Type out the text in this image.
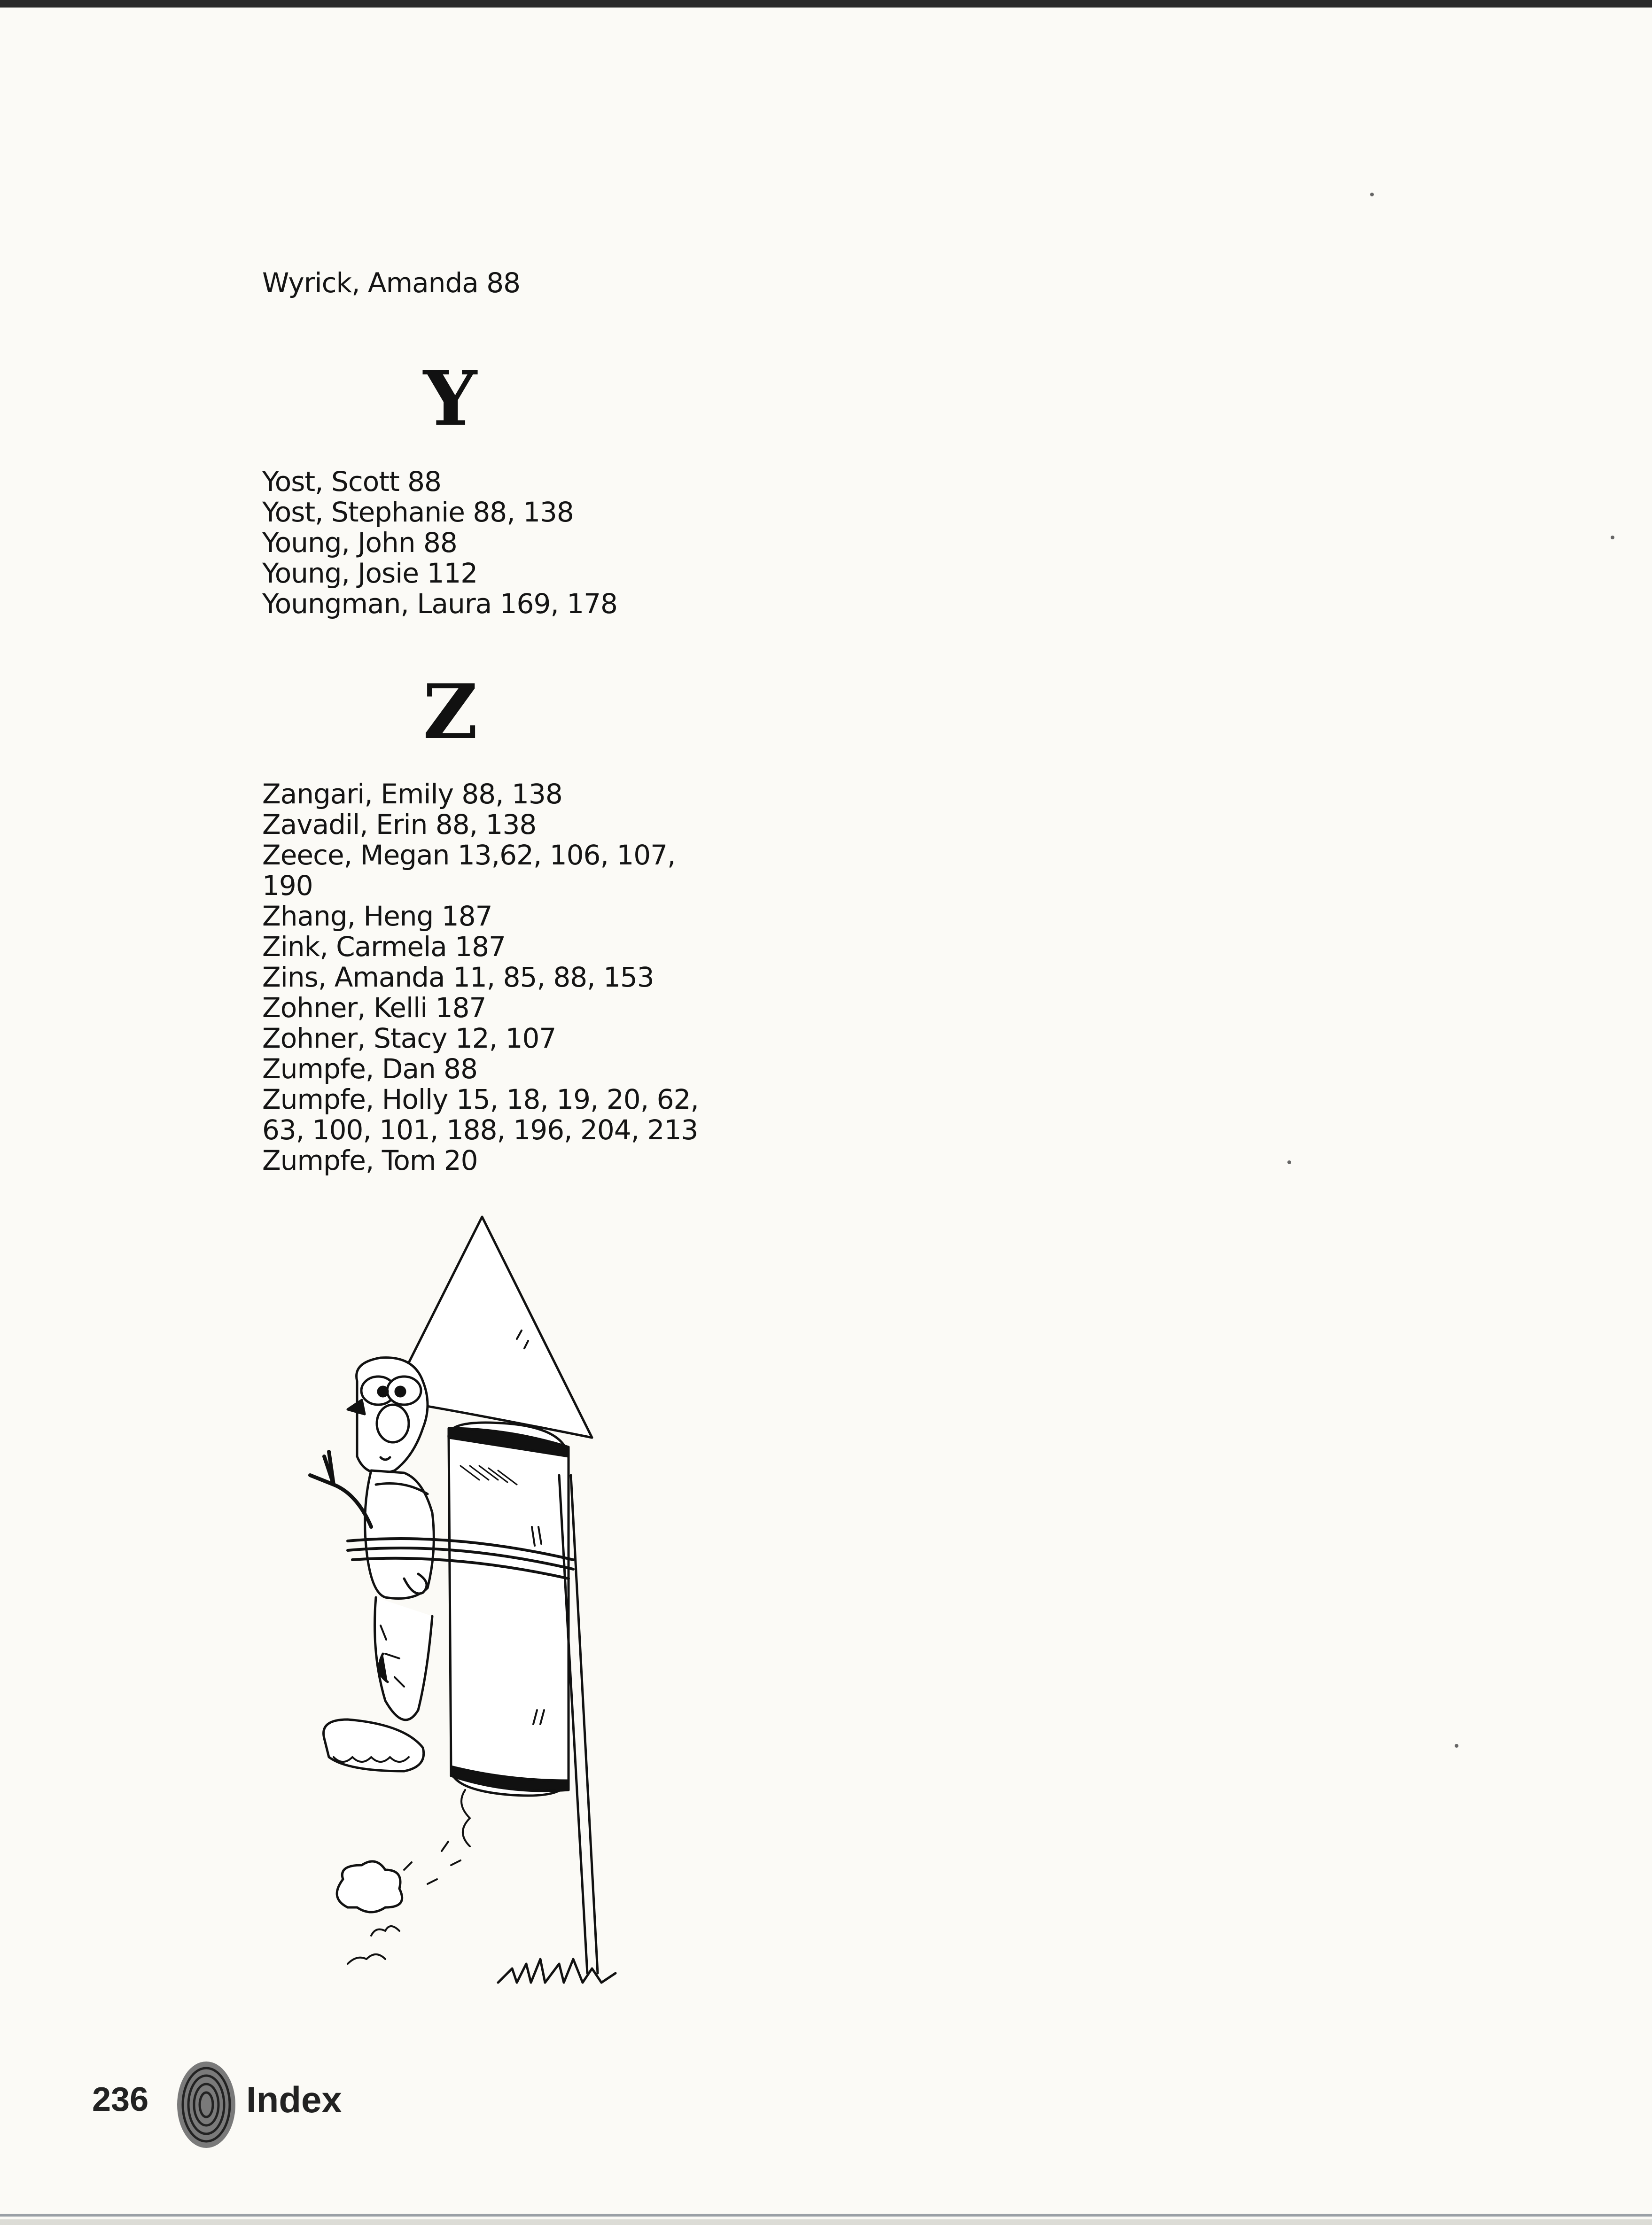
Wyrick, Amanda 88
Y
Yost, Scott 88
Yost, Stephanie 88, 138
Young, John 88
Young, Josie 112
Youngman, Laura 169, 178
Z
Zangari, Emily 88, 138
Zavadil, Erin 88, 138
Zeece, Megan 13,62, 106, 107,
190
Zhang, Heng 187
Zink, Carmela 187
Zins, Amanda 11, 85, 88, 153
Zohner, Kelli 187
Zohner, Stacy 12, 107
Zumpfe, Dan 88
Zumpfe, Holly 15, 18, 19, 20, 62,
63, 100, 101, 188, 196, 204, 213
Zumpfe, Tom 20
236	Index
